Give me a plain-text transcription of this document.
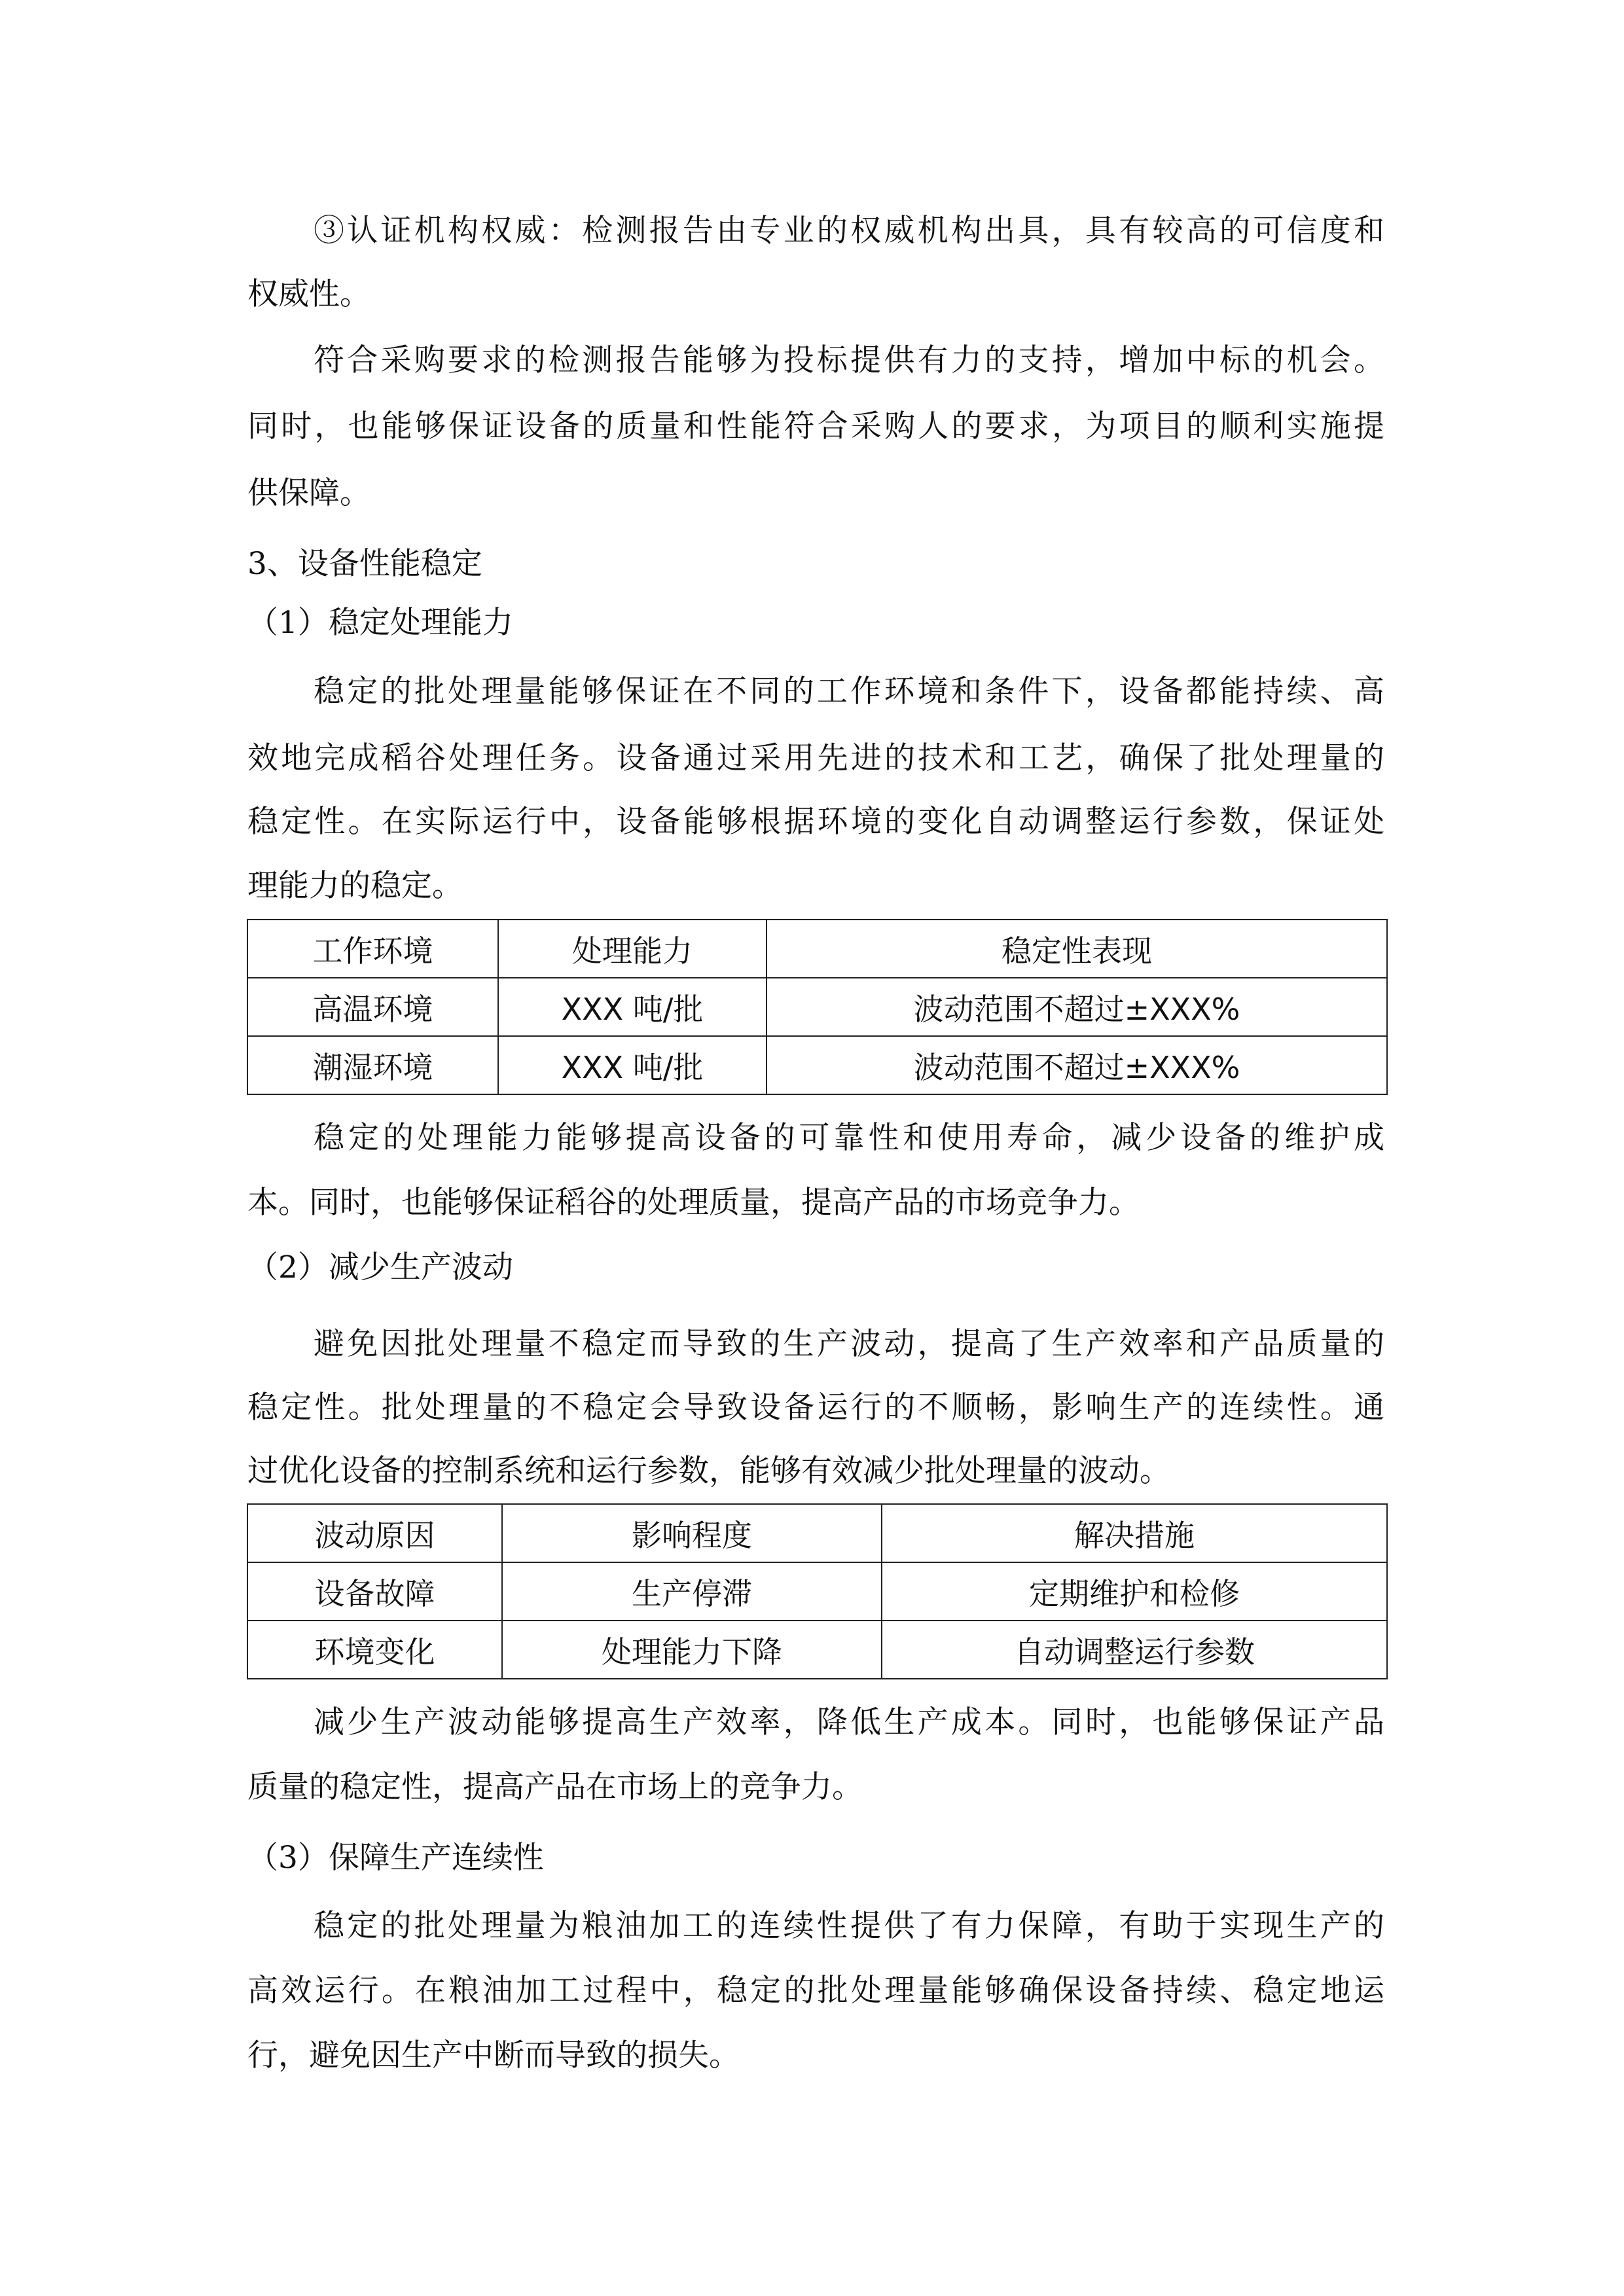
③认证机构权威：检测报告由专业的权威机构出具，具有较高的可信度和
权威性。
符合采购要求的检测报告能够为投标提供有力的支持，增加中标的机会。
同时，也能够保证设备的质量和性能符合采购人的要求，为项目的顺利实施提
供保障。
3、设备性能稳定
（1）稳定处理能力
稳定的批处理量能够保证在不同的工作环境和条件下，设备都能持续、高
效地完成稻谷处理任务。设备通过采用先进的技术和工艺，确保了批处理量的
稳定性。在实际运行中，设备能够根据环境的变化自动调整运行参数，保证处
理能力的稳定。
工作环境	处理能力	稳定性表现
高温环境	XXX 吨/批	波动范围不超过±XXX%
潮湿环境	XXX 吨/批	波动范围不超过±XXX%
稳定的处理能力能够提高设备的可靠性和使用寿命，减少设备的维护成
本。同时，也能够保证稻谷的处理质量，提高产品的市场竞争力。
（2）减少生产波动
避免因批处理量不稳定而导致的生产波动，提高了生产效率和产品质量的
稳定性。批处理量的不稳定会导致设备运行的不顺畅，影响生产的连续性。通
过优化设备的控制系统和运行参数，能够有效减少批处理量的波动。
波动原因	影响程度	解决措施
设备故障	生产停滞	定期维护和检修
环境变化	处理能力下降	自动调整运行参数
减少生产波动能够提高生产效率，降低生产成本。同时，也能够保证产品
质量的稳定性，提高产品在市场上的竞争力。
（3）保障生产连续性
稳定的批处理量为粮油加工的连续性提供了有力保障，有助于实现生产的
高效运行。在粮油加工过程中，稳定的批处理量能够确保设备持续、稳定地运
行，避免因生产中断而导致的损失。
